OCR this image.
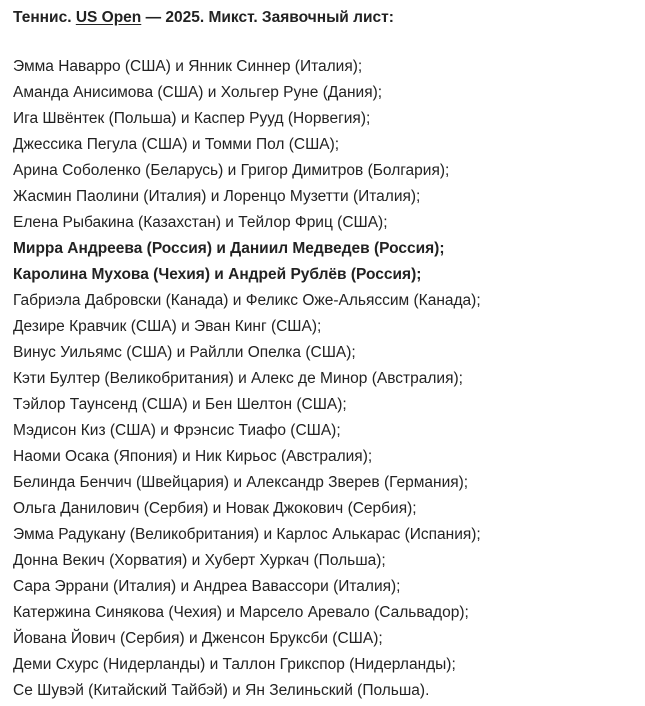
Теннис. US Open — 2025. Микст. Заявочный лист:
Эмма Наварро (США) и Янник Синнер (Италия);
Аманда Анисимова (США) и Хольгер Руне (Дания);
Ига Швёнтек (Польша) и Каспер Рууд (Норвегия);
Джессика Пегула (США) и Томми Пол (США);
Арина Соболенко (Беларусь) и Григор Димитров (Болгария);
Жасмин Паолини (Италия) и Лоренцо Музетти (Италия);
Елена Рыбакина (Казахстан) и Тейлор Фриц (США);
Мирра Андреева (Россия) и Даниил Медведев (Россия);
Каролина Мухова (Чехия) и Андрей Рублёв (Россия);
Габриэла Дабровски (Канада) и Феликс Оже-Альяссим (Канада);
Дезире Кравчик (США) и Эван Кинг (США);
Винус Уильямс (США) и Райлли Опелка (США);
Кэти Бултер (Великобритания) и Алекс де Минор (Австралия);
Тэйлор Таунсенд (США) и Бен Шелтон (США);
Мэдисон Киз (США) и Фрэнсис Тиафо (США);
Наоми Осака (Япония) и Ник Кирьос (Австралия);
Белинда Бенчич (Швейцария) и Александр Зверев (Германия);
Ольга Данилович (Сербия) и Новак Джокович (Сербия);
Эмма Радукану (Великобритания) и Карлос Алькарас (Испания);
Донна Векич (Хорватия) и Хуберт Хуркач (Польша);
Сара Эррани (Италия) и Андреа Вавассори (Италия);
Катержина Синякова (Чехия) и Марсело Аревало (Сальвадор);
Йована Йович (Сербия) и Дженсон Бруксби (США);
Деми Схурс (Нидерланды) и Таллон Грикспор (Нидерланды);
Се Шувэй (Китайский Тайбэй) и Ян Зелиньский (Польша).
